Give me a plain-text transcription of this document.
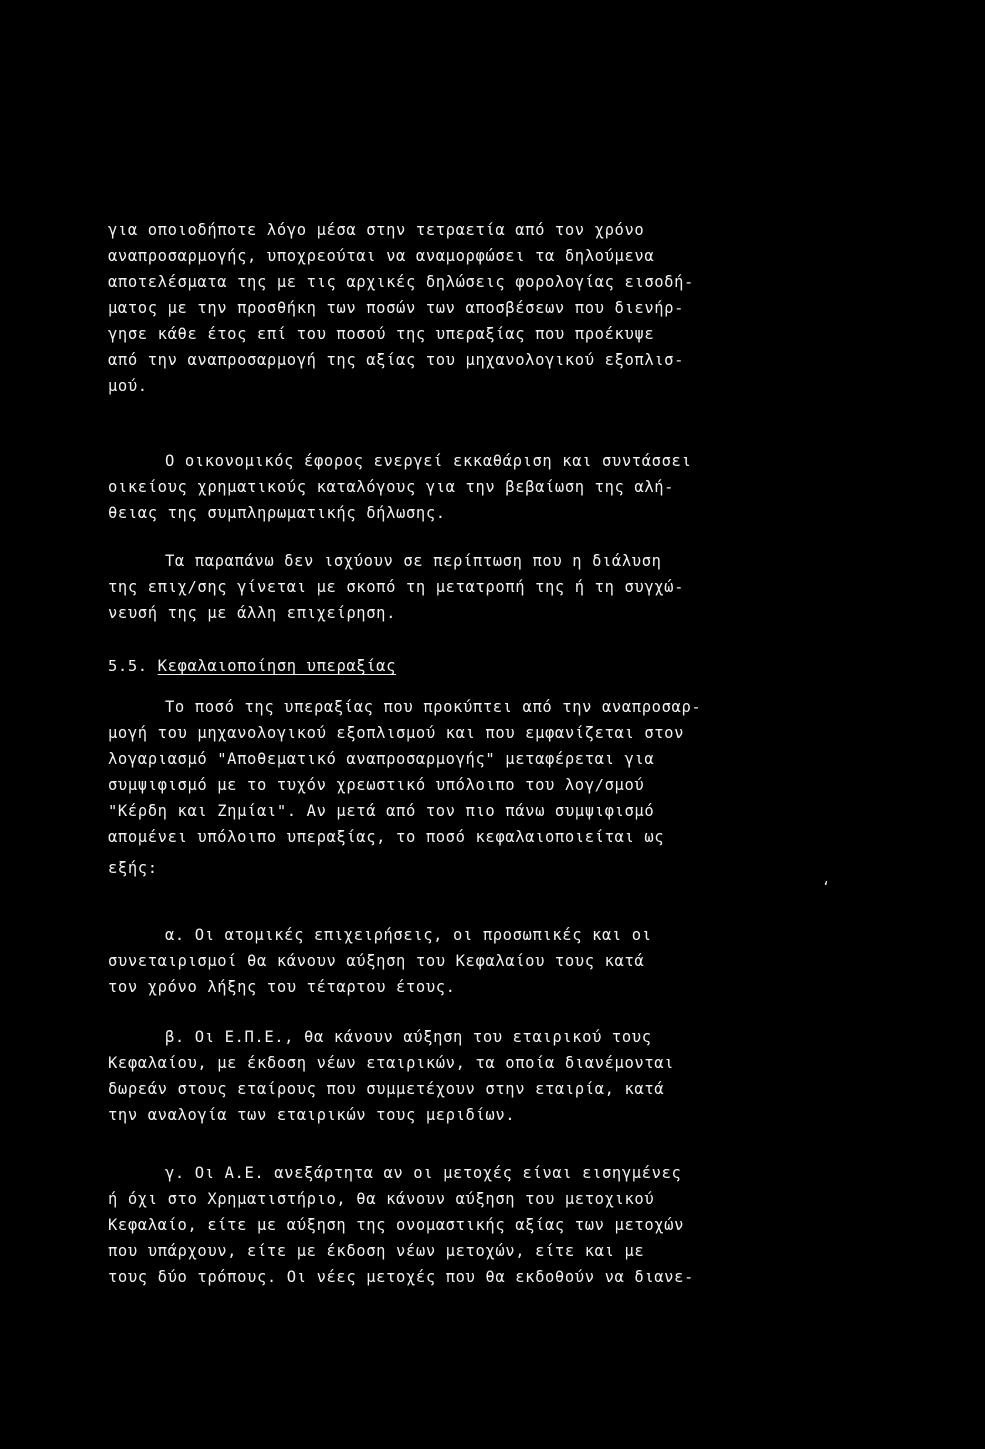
για οποιοδήποτε λόγο μέσα στην τετραετία από τον χρόνο
αναπροσαρμογής, υποχρεούται να αναμορφώσει τα δηλούμενα
αποτελέσματα της με τις αρχικές δηλώσεις φορολογίας εισοδή-
ματος με την προσθήκη των ποσών των αποσβέσεων που διενήρ-
γησε κάθε έτος επί του ποσού της υπεραξίας που προέκυψε
από την αναπροσαρμογή της αξίας του μηχανολογικού εξοπλισ-
μού.
Ο οικονομικός έφορος ενεργεί εκκαθάριση και συντάσσει
οικείους χρηματικούς καταλόγους για την βεβαίωση της αλή-
θειας της συμπληρωματικής δήλωσης.
Τα παραπάνω δεν ισχύουν σε περίπτωση που η διάλυση
της επιχ/σης γίνεται με σκοπό τη μετατροπή της ή τη συγχώ-
νευσή της με άλλη επιχείρηση.
5.5. Κεφαλαιοποίηση υπεραξίας
Το ποσό της υπεραξίας που προκύπτει από την αναπροσαρ-
μογή του μηχανολογικού εξοπλισμού και που εμφανίζεται στον
λογαριασμό "Αποθεματικό αναπροσαρμογής" μεταφέρεται για
συμψιφισμό με το τυχόν χρεωστικό υπόλοιπο του λογ/σμού
"Κέρδη και Ζημίαι". Αν μετά από τον πιο πάνω συμψιφισμό
απομένει υπόλοιπο υπεραξίας, το ποσό κεφαλαιοποιείται ως
εξής:
‘
α. Οι ατομικές επιχειρήσεις, οι προσωπικές και οι
συνεταιρισμοί θα κάνουν αύξηση του Κεφαλαίου τους κατά
τον χρόνο λήξης του τέταρτου έτους.
β. Οι Ε.Π.Ε., θα κάνουν αύξηση του εταιρικού τους
Κεφαλαίου, με έκδοση νέων εταιρικών, τα οποία διανέμονται
δωρεάν στους εταίρους που συμμετέχουν στην εταιρία, κατά
την αναλογία των εταιρικών τους μεριδίων.
γ. Οι Α.Ε. ανεξάρτητα αν οι μετοχές είναι εισηγμένες
ή όχι στο Χρηματιστήριο, θα κάνουν αύξηση του μετοχικού
Κεφαλαίο, είτε με αύξηση της ονομαστικής αξίας των μετοχών
που υπάρχουν, είτε με έκδοση νέων μετοχών, είτε και με
τους δύο τρόπους. Οι νέες μετοχές που θα εκδοθούν να διανε-
